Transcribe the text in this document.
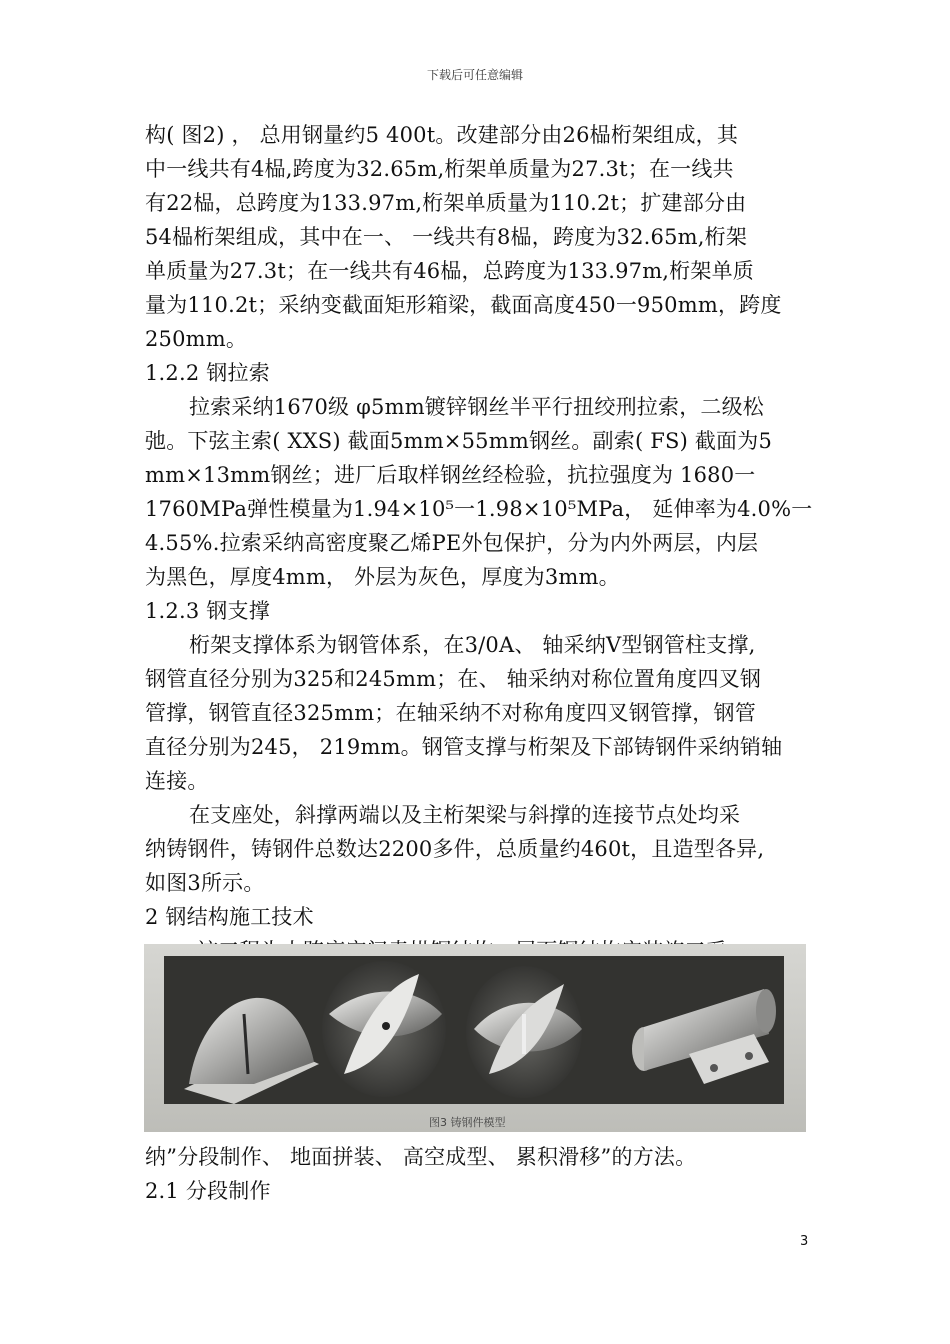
下载后可任意编辑
构( 图2) ， 总用钢量约5 400t。改建部分由26榀桁架组成，其
中一线共有4榀,跨度为32.65m,桁架单质量为27.3t；在一线共
有22榀，总跨度为133.97m,桁架单质量为110.2t；扩建部分由
54榀桁架组成，其中在一、 一线共有8榀，跨度为32.65m,桁架
单质量为27.3t；在一线共有46榀，总跨度为133.97m,桁架单质
量为110.2t；采纳变截面矩形箱梁，截面高度450一950mm，跨度
250mm。
1.2.2 钢拉索
拉索采纳1670级 φ5mm镀锌钢丝半平行扭绞刑拉索，二级松
弛。下弦主索( XXS) 截面5mm×55mm钢丝。副索( FS) 截面为5
mm×13mm钢丝；进厂后取样钢丝经检验，抗拉强度为 1680一
1760MPa弹性模量为1.94×10⁵一1.98×10⁵MPa， 延伸率为4.0%一
4.55%.拉索采纳高密度聚乙烯PE外包保护，分为内外两层，内层
为黑色，厚度4mm， 外层为灰色，厚度为3mm。
1.2.3 钢支撑
桁架支撑体系为钢管体系，在3/0A、 轴采纳V型钢管柱支撑,
钢管直径分别为325和245mm；在、 轴采纳对称位置角度四叉钢
管撑，钢管直径325mm；在轴采纳不对称角度四叉钢管撑，钢管
直径分别为245， 219mm。钢管支撑与桁架及下部铸钢件采纳销轴
连接。
在支座处，斜撑两端以及主桁架梁与斜撑的连接节点处均采
纳铸钢件，铸钢件总数达2200多件，总质量约460t，且造型各异,
如图3所示。
2 钢结构施工技术
图3 铸钢件模型
纳”分段制作、 地面拼装、 高空成型、 累积滑移”的方法。
2.1 分段制作
3
